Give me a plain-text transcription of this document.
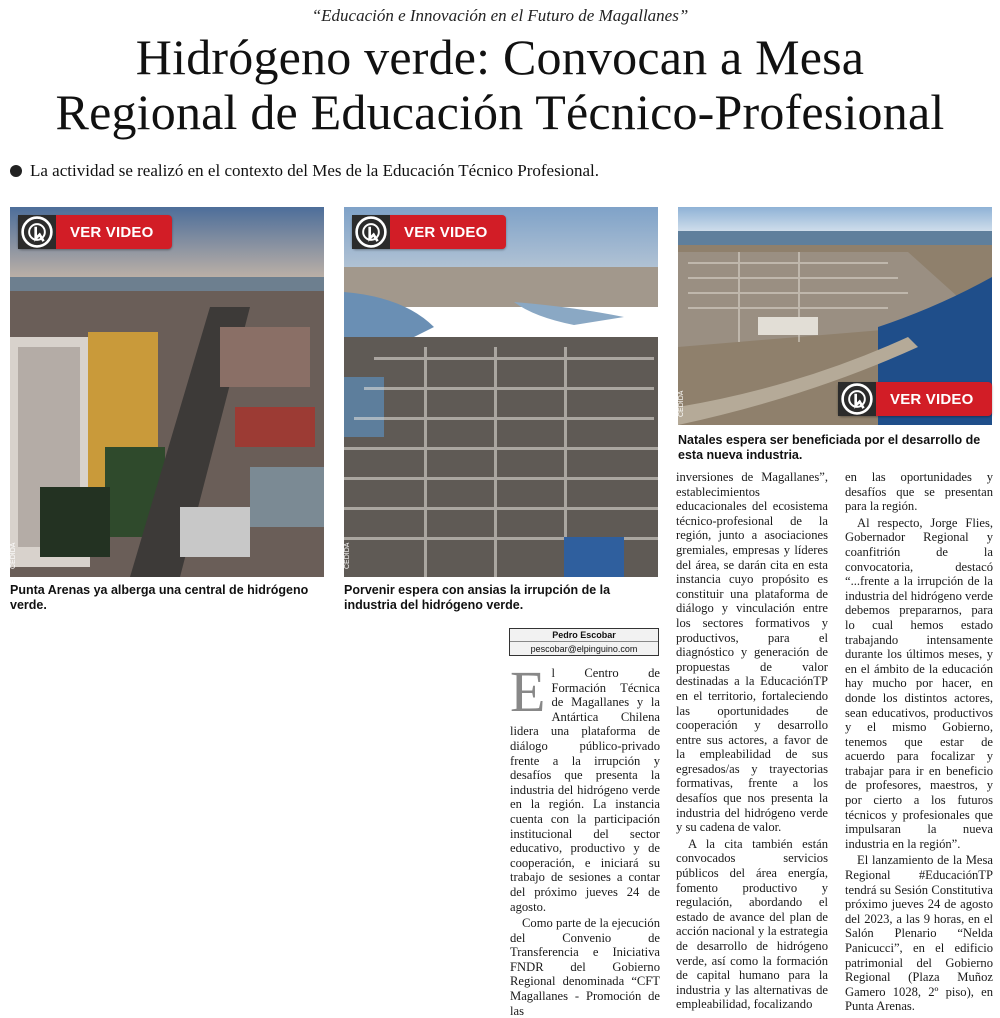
“Educación e Innovación en el Futuro de Magallanes”
Hidrógeno verde: Convocan a Mesa
Regional de Educación Técnico-Profesional
La actividad se realizó en el contexto del Mes de la Educación Técnico Profesional.
CEDIDA
VER VIDEO
Punta Arenas ya alberga una central de hidrógeno verde.
CEDIDA
VER VIDEO
Porvenir espera con ansias la irrupción de la industria del hidrógeno verde.
CEDIDA	VER VIDEO
Natales espera ser beneficiada por el desarrollo de esta nueva industria.
Pedro Escobar
pescobar@elpinguino.com

El Centro de Formación Técnica de Magallanes y la Antártica Chilena lidera una plataforma de diálogo público-privado frente a la irrupción y desafíos que presenta la industria del hidrógeno verde en la región. La instancia cuenta con la participación institucional del sector educativo, productivo y de cooperación, e iniciará su trabajo de sesiones a contar del próximo jueves 24 de agosto.

Como parte de la ejecución del Convenio de Transferencia e Iniciativa FNDR del Gobierno Regional denominada “CFT Magallanes - Promoción de las

inversiones de Magallanes”, establecimientos educacionales del ecosistema técnico-profesional de la región, junto a asociaciones gremiales, empresas y líderes del área, se darán cita en esta instancia cuyo propósito es constituir una plataforma de diálogo y vinculación entre los sectores formativos y productivos, para el diagnóstico y generación de propuestas de valor destinadas a la EducaciónTP en el territorio, fortaleciendo las oportunidades de cooperación y desarrollo entre sus actores, a favor de la empleabilidad de sus egresados/as y trayectorias formativas, frente a los desafíos que nos presenta la industria del hidrógeno verde y su cadena de valor.

A la cita también están convocados servicios públicos del área energía, fomento productivo y regulación, abordando el estado de avance del plan de acción nacional y la estrategia de desarrollo de hidrógeno verde, así como la formación de capital humano para la industria y las alternativas de empleabilidad, focalizando

en las oportunidades y desafíos que se presentan para la región.

Al respecto, Jorge Flies, Gobernador Regional y coanfitrión de la convocatoria, destacó “...frente a la irrupción de la industria del hidrógeno verde debemos prepararnos, para lo cual hemos estado trabajando intensamente durante los últimos meses, y en el ámbito de la educación hay mucho por hacer, en donde los distintos actores, sean educativos, productivos y el mismo Gobierno, tenemos que estar de acuerdo para focalizar y trabajar para ir en beneficio de profesores, maestros, y por cierto a los futuros técnicos y profesionales que impulsaran la nueva industria en la región”.

El lanzamiento de la Mesa Regional #EducaciónTP tendrá su Sesión Constitutiva próximo jueves 24 de agosto del 2023, a las 9 horas, en el Salón Plenario “Nelda Panicucci”, en el edificio patrimonial del Gobierno Regional (Plaza Muñoz Gamero 1028, 2º piso), en Punta Arenas.
